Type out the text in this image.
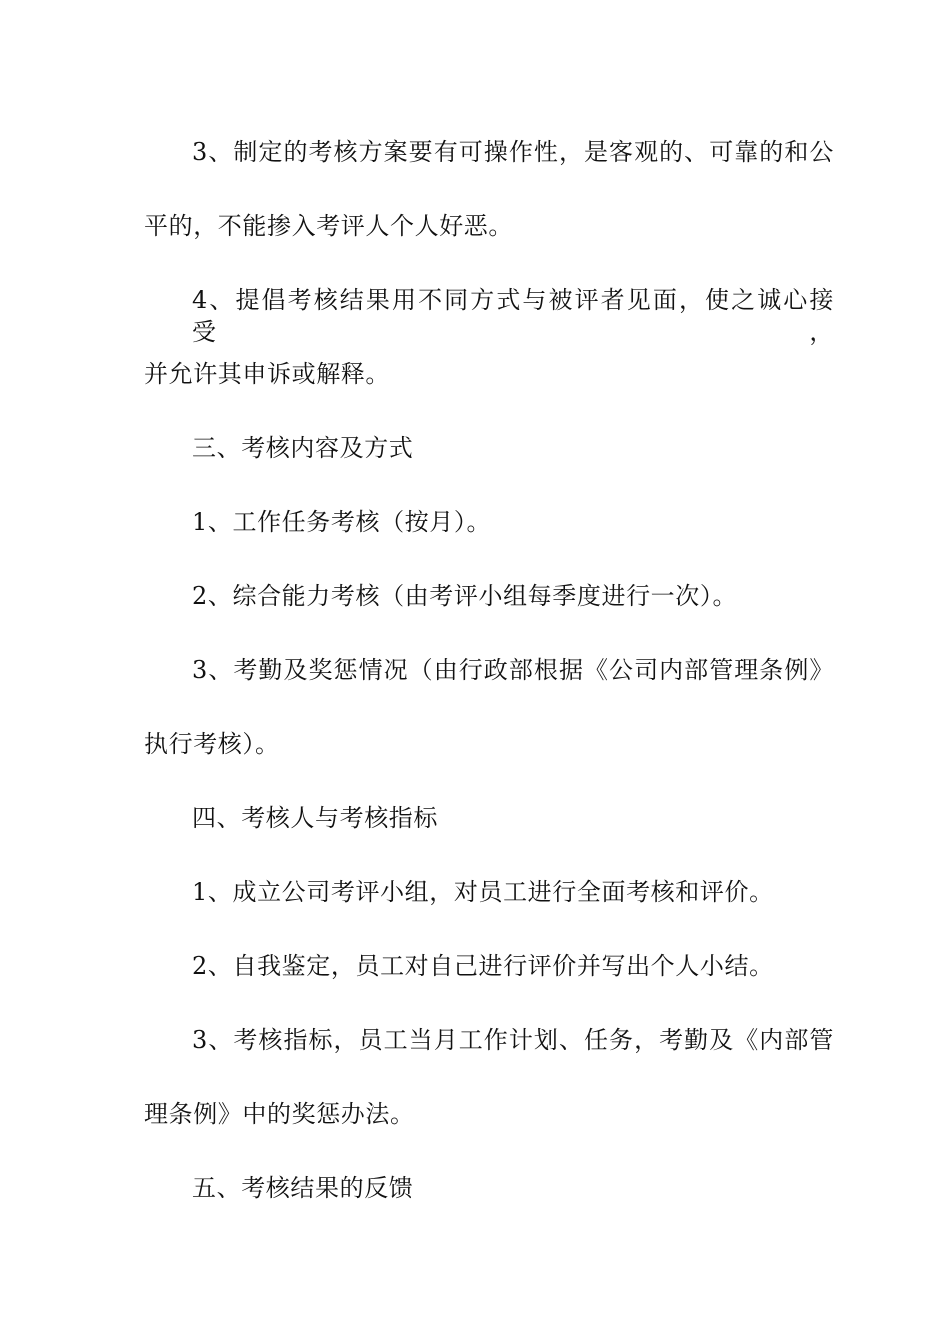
3、制定的考核方案要有可操作性，是客观的、可靠的和公
平的，不能掺入考评人个人好恶。
4、提倡考核结果用不同方式与被评者见面，使之诚心接受，
并允许其申诉或解释。
三、考核内容及方式
1、工作任务考核（按月）。
2、综合能力考核（由考评小组每季度进行一次）。
3、考勤及奖惩情况（由行政部根据《公司内部管理条例》
执行考核）。
四、考核人与考核指标
1、成立公司考评小组，对员工进行全面考核和评价。
2、自我鉴定，员工对自己进行评价并写出个人小结。
3、考核指标，员工当月工作计划、任务，考勤及《内部管
理条例》中的奖惩办法。
五、考核结果的反馈
